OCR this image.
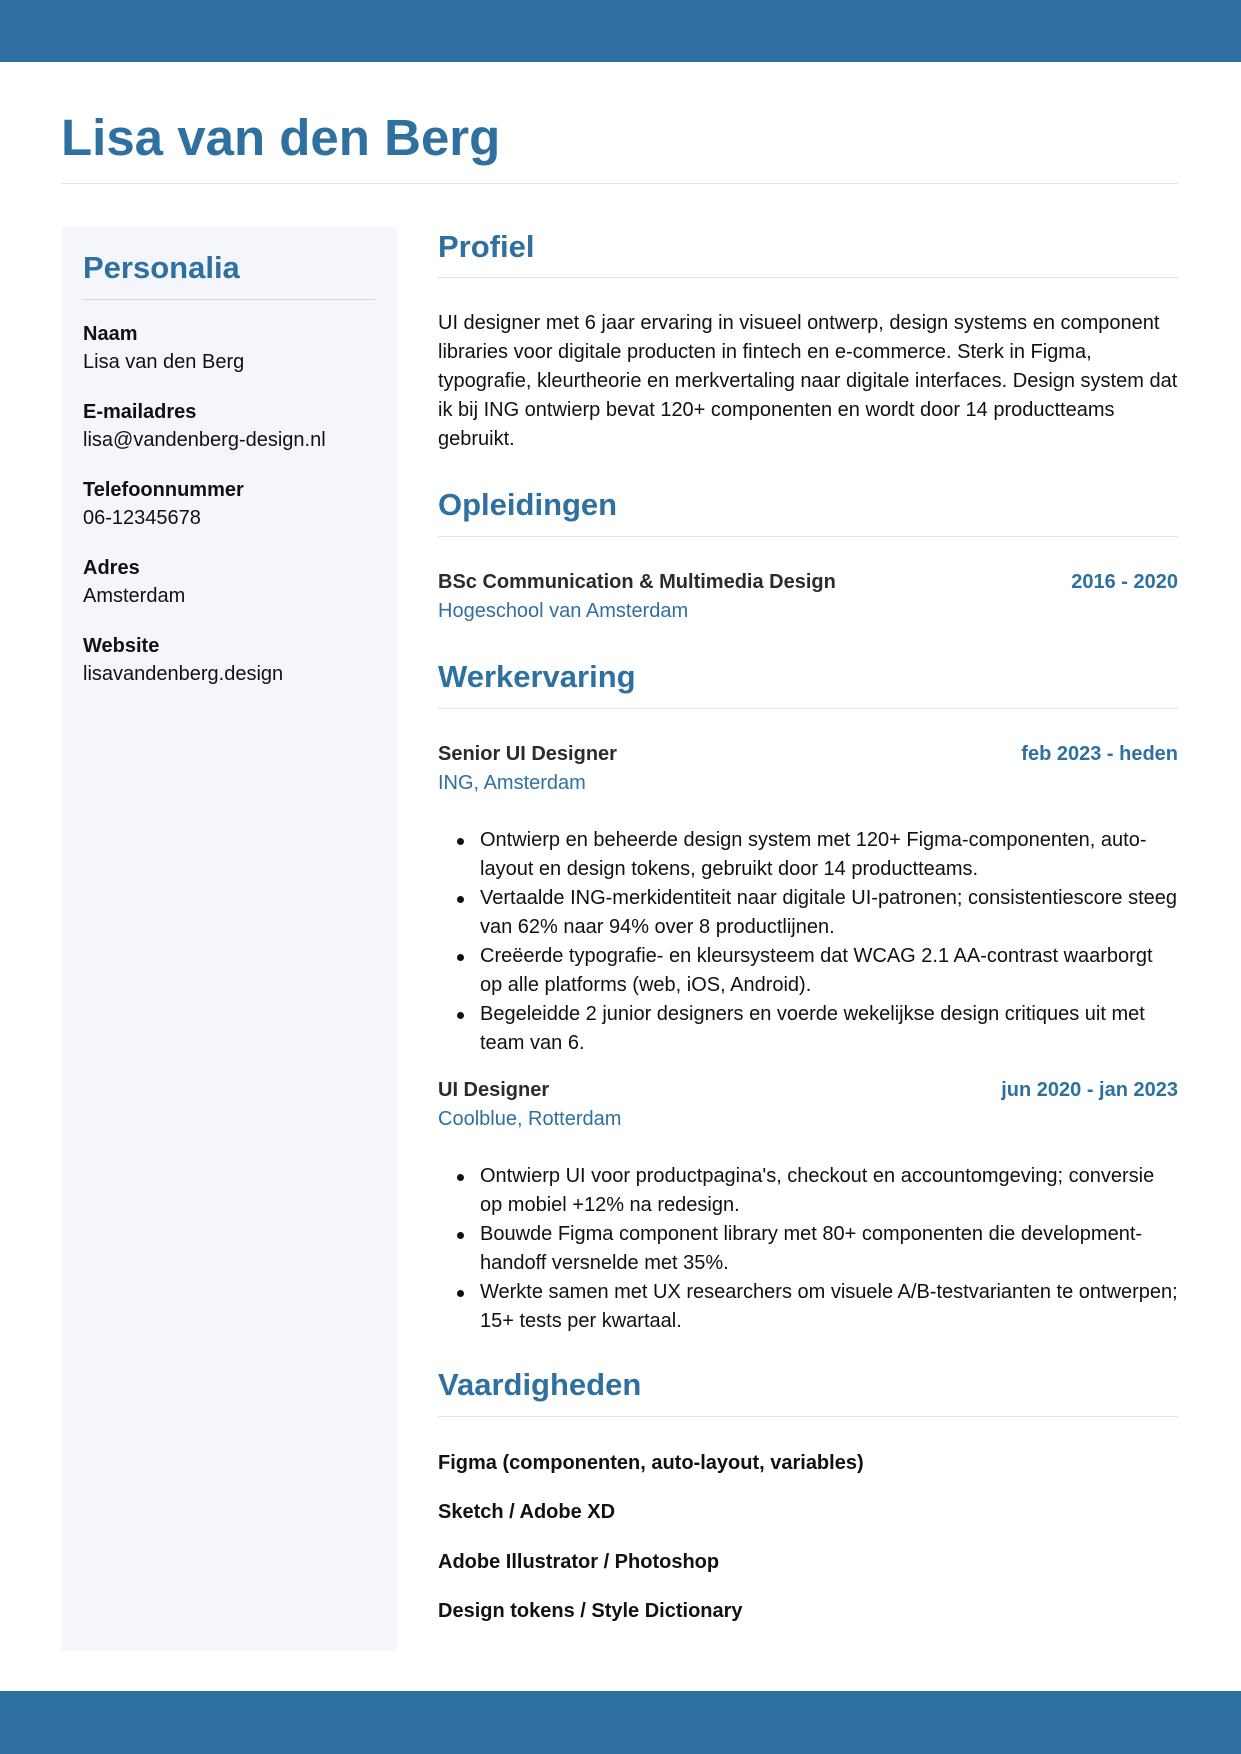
Lisa van den Berg
Personalia
Naam
Lisa van den Berg
E-mailadres
lisa@vandenberg-design.nl
Telefoonnummer
06-12345678
Adres
Amsterdam
Website
lisavandenberg.design
Profiel

UI designer met 6 jaar ervaring in visueel ontwerp, design systems en component libraries voor digitale producten in fintech en e-commerce. Sterk in Figma, typografie, kleurtheorie en merkvertaling naar digitale interfaces. Design system dat ik bij ING ontwierp bevat 120+ componenten en wordt door 14 productteams gebruikt.

Opleidingen
BSc Communication & Multimedia Design	2016 - 2020
Hogeschool van Amsterdam
Werkervaring
Senior UI Designer	feb 2023 - heden
ING, Amsterdam
Ontwierp en beheerde design system met 120+ Figma-componenten, auto-layout en design tokens, gebruikt door 14 productteams.
Vertaalde ING-merkidentiteit naar digitale UI-patronen; consistentiescore steeg van 62% naar 94% over 8 productlijnen.
Creëerde typografie- en kleursysteem dat WCAG 2.1 AA-contrast waarborgt op alle platforms (web, iOS, Android).
Begeleidde 2 junior designers en voerde wekelijkse design critiques uit met team van 6.
UI Designer	jun 2020 - jan 2023
Coolblue, Rotterdam
Ontwierp UI voor productpagina's, checkout en accountomgeving; conversie op mobiel +12% na redesign.
Bouwde Figma component library met 80+ componenten die development-handoff versnelde met 35%.
Werkte samen met UX researchers om visuele A/B-testvarianten te ontwerpen; 15+ tests per kwartaal.
Vaardigheden
Figma (componenten, auto-layout, variables)
Sketch / Adobe XD
Adobe Illustrator / Photoshop
Design tokens / Style Dictionary
